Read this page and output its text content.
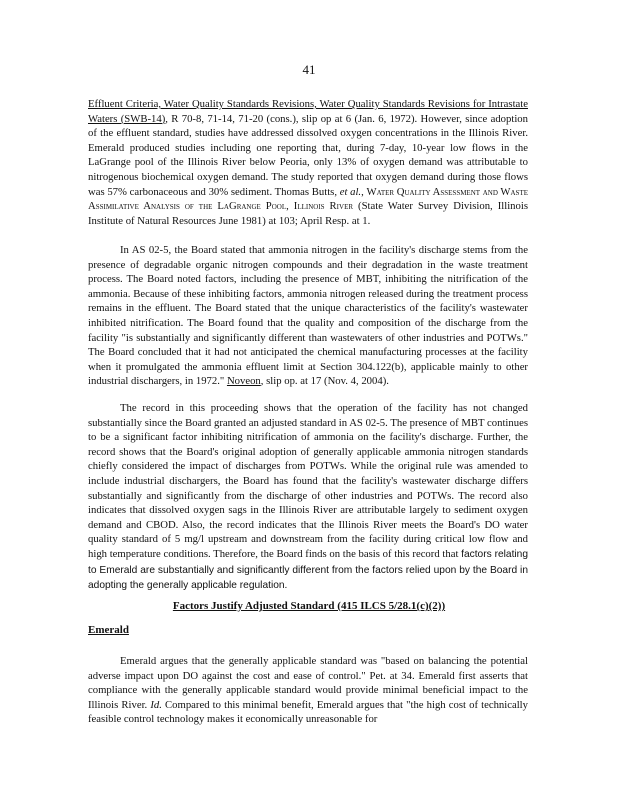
41

Effluent Criteria, Water Quality Standards Revisions, Water Quality Standards Revisions for Intrastate Waters (SWB-14), R 70-8, 71-14, 71-20 (cons.), slip op at 6 (Jan. 6, 1972). However, since adoption of the effluent standard, studies have addressed dissolved oxygen concentrations in the Illinois River. Emerald produced studies including one reporting that, during 7-day, 10-year low flows in the LaGrange pool of the Illinois River below Peoria, only 13% of oxygen demand was attributable to nitrogenous biochemical oxygen demand. The study reported that oxygen demand during those flows was 57% carbonaceous and 30% sediment. Thomas Butts, et al., Water Quality Assessment and Waste Assimilative Analysis of the LaGrange Pool, Illinois River (State Water Survey Division, Illinois Institute of Natural Resources June 1981) at 103; April Resp. at 1.

In AS 02-5, the Board stated that ammonia nitrogen in the facility's discharge stems from the presence of degradable organic nitrogen compounds and their degradation in the waste treatment process. The Board noted factors, including the presence of MBT, inhibiting the nitrification of the ammonia. Because of these inhibiting factors, ammonia nitrogen released during the treatment process remains in the effluent. The Board stated that the unique characteristics of the facility's wastewater inhibited nitrification. The Board found that the quality and composition of the discharge from the facility "is substantially and significantly different than wastewaters of other industries and POTWs." The Board concluded that it had not anticipated the chemical manufacturing processes at the facility when it promulgated the ammonia effluent limit at Section 304.122(b), applicable mainly to other industrial dischargers, in 1972." Noveon, slip op. at 17 (Nov. 4, 2004).

The record in this proceeding shows that the operation of the facility has not changed substantially since the Board granted an adjusted standard in AS 02-5. The presence of MBT continues to be a significant factor inhibiting nitrification of ammonia on the facility's discharge. Further, the record shows that the Board's original adoption of generally applicable ammonia nitrogen standards chiefly considered the impact of discharges from POTWs. While the original rule was amended to include industrial dischargers, the Board has found that the facility's wastewater discharge differs substantially and significantly from the discharge of other industries and POTWs. The record also indicates that dissolved oxygen sags in the Illinois River are attributable largely to sediment oxygen demand and CBOD. Also, the record indicates that the Illinois River meets the Board's DO water quality standard of 5 mg/l upstream and downstream from the facility during critical low flow and high temperature conditions. Therefore, the Board finds on the basis of this record that factors relating to Emerald are substantially and significantly different from the factors relied upon by the Board in adopting the generally applicable regulation.

Factors Justify Adjusted Standard (415 ILCS 5/28.1(c)(2))
Emerald

Emerald argues that the generally applicable standard was "based on balancing the potential adverse impact upon DO against the cost and ease of control." Pet. at 34. Emerald first asserts that compliance with the generally applicable standard would provide minimal beneficial impact to the Illinois River. Id. Compared to this minimal benefit, Emerald argues that "the high cost of technically feasible control technology makes it economically unreasonable for
